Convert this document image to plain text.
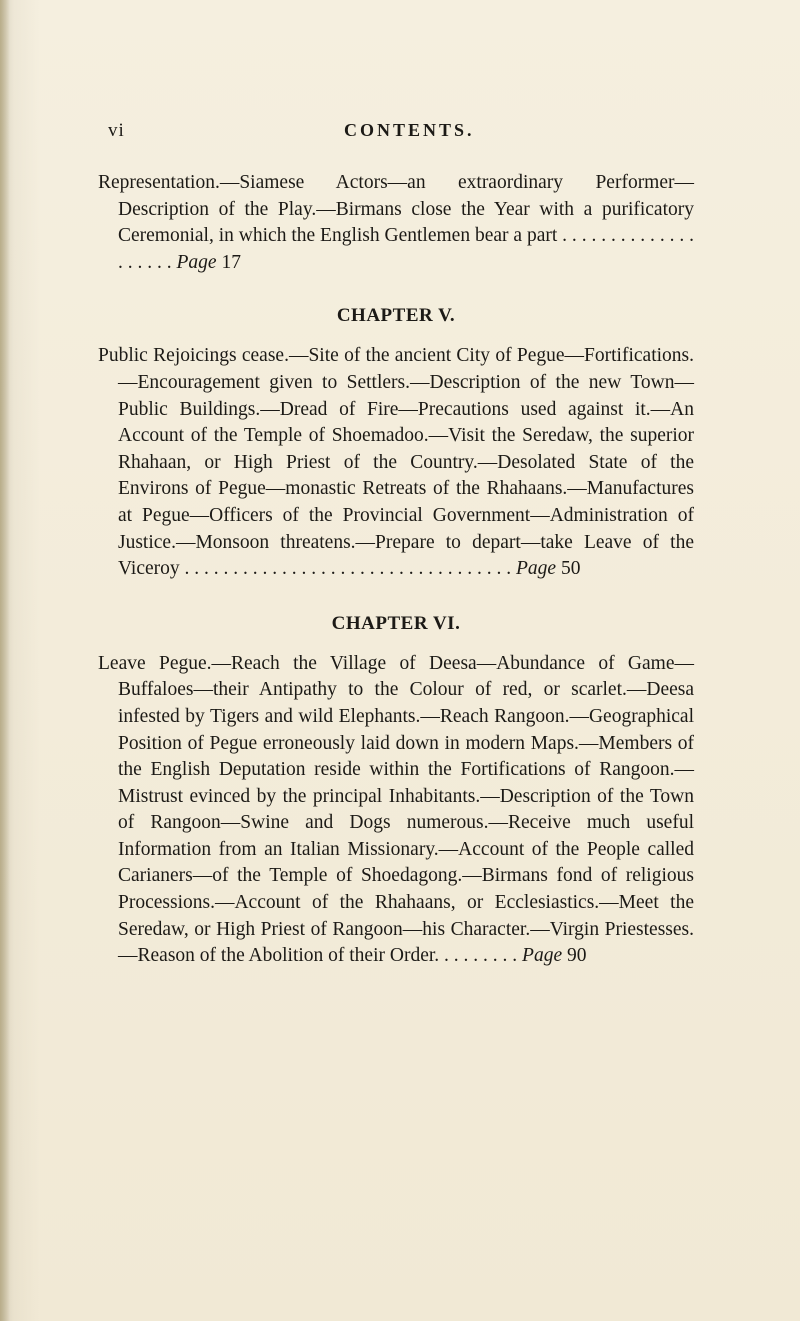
vi	CONTENTS.

Representation.—Siamese Actors—an extraordinary Performer—Description of the Play.—Birmans close the Year with a purificatory Ceremonial, in which the English Gentlemen bear a part . . . . . . . . . . . . . . . . . . . . Page 17

CHAPTER V.

Public Rejoicings cease.—Site of the ancient City of Pegue—Fortifications.—Encouragement given to Settlers.—Description of the new Town—Public Buildings.—Dread of Fire—Precautions used against it.—An Account of the Temple of Shoemadoo.—Visit the Seredaw, the superior Rhahaan, or High Priest of the Country.—Desolated State of the Environs of Pegue—monastic Retreats of the Rhahaans.—Manufactures at Pegue—Officers of the Provincial Government—Administration of Justice.—Monsoon threatens.—Prepare to depart—take Leave of the Viceroy . . . . . . . . . . . . . . . . . . . . . . . . . . . . . . . . . . Page 50

CHAPTER VI.

Leave Pegue.—Reach the Village of Deesa—Abundance of Game—Buffaloes—their Antipathy to the Colour of red, or scarlet.—Deesa infested by Tigers and wild Elephants.—Reach Rangoon.—Geographical Position of Pegue erroneously laid down in modern Maps.—Members of the English Deputation reside within the Fortifications of Rangoon.—Mistrust evinced by the principal Inhabitants.—Description of the Town of Rangoon—Swine and Dogs numerous.—Receive much useful Information from an Italian Missionary.—Account of the People called Carianers—of the Temple of Shoedagong.—Birmans fond of religious Processions.—Account of the Rhahaans, or Ecclesiastics.—Meet the Seredaw, or High Priest of Rangoon—his Character.—Virgin Priestesses.—Reason of the Abolition of their Order. . . . . . . . . Page 90
